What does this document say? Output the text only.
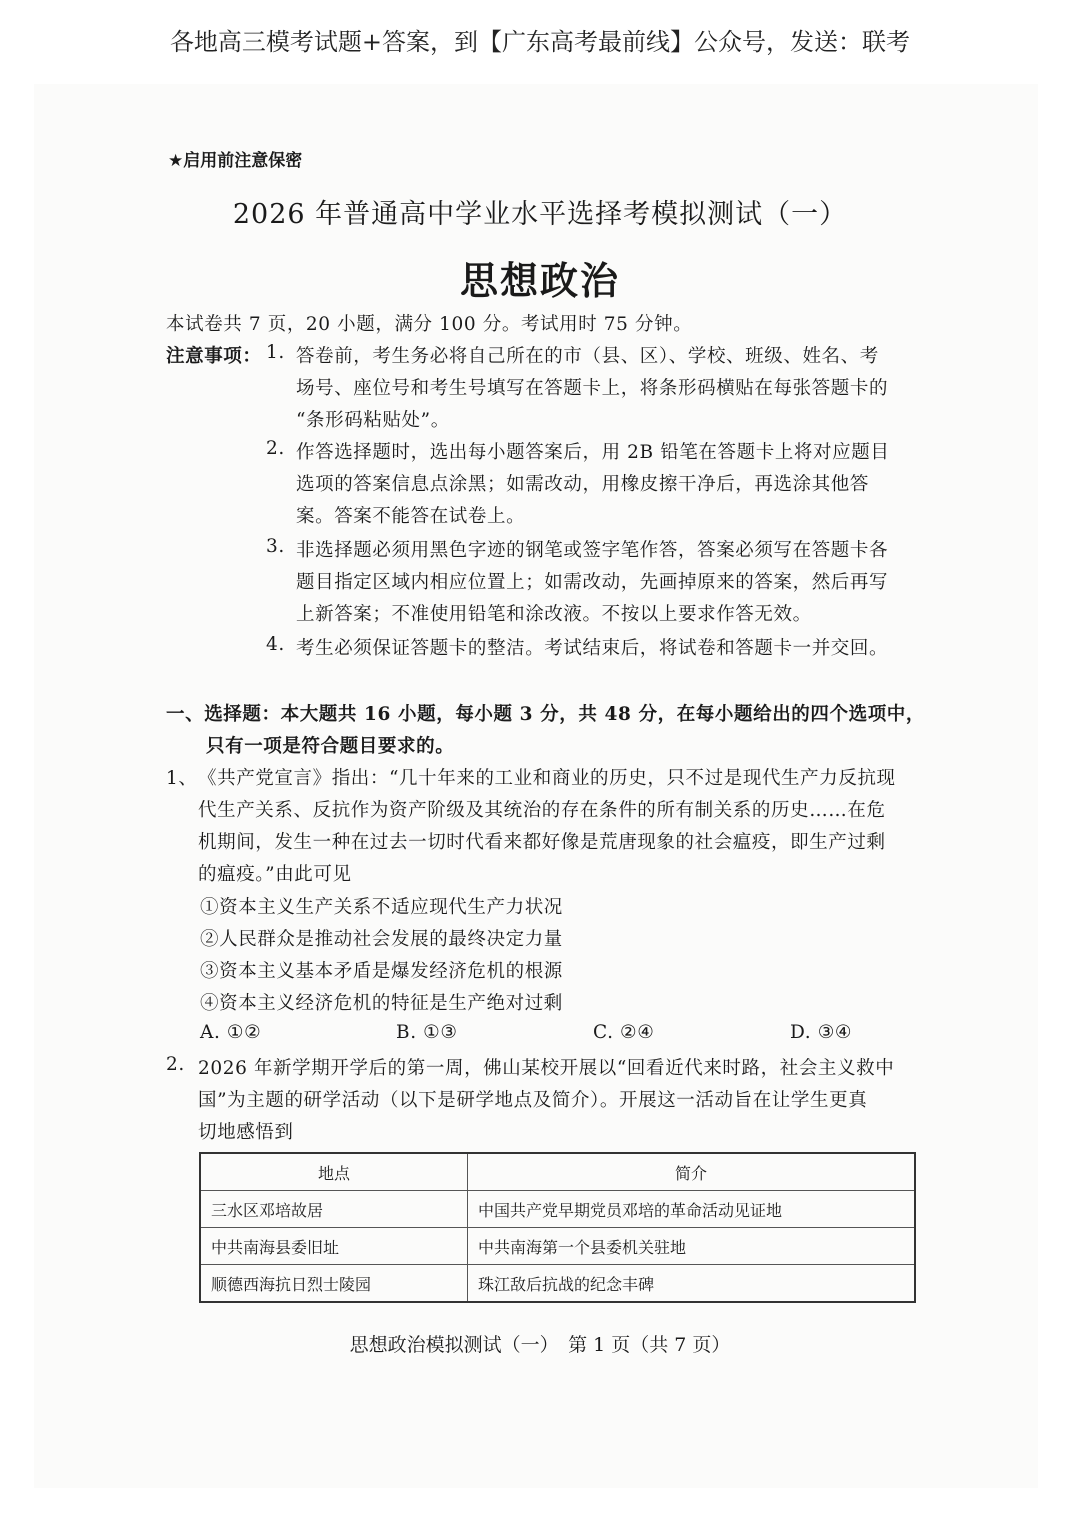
各地高三模考试题+答案，到【广东高考最前线】公众号，发送：联考
★启用前注意保密
2026 年普通高中学业水平选择考模拟测试（一）
思想政治
本试卷共 7 页，20 小题，满分 100 分。考试用时 75 分钟。
注意事项： 1. 答卷前，考生务必将自己所在的市（县、区）、学校、班级、姓名、考
场号、座位号和考生号填写在答题卡上，将条形码横贴在每张答题卡的
“条形码粘贴处”。
2. 作答选择题时，选出每小题答案后，用 2B 铅笔在答题卡上将对应题目
选项的答案信息点涂黑；如需改动，用橡皮擦干净后，再选涂其他答
案。答案不能答在试卷上。
3. 非选择题必须用黑色字迹的钢笔或签字笔作答，答案必须写在答题卡各
题目指定区域内相应位置上；如需改动，先画掉原来的答案，然后再写
上新答案；不准使用铅笔和涂改液。不按以上要求作答无效。
4. 考生必须保证答题卡的整洁。考试结束后，将试卷和答题卡一并交回。
一、选择题：本大题共 16 小题，每小题 3 分，共 48 分，在每小题给出的四个选项中，
只有一项是符合题目要求的。
1、 《共产党宣言》指出：“几十年来的工业和商业的历史，只不过是现代生产力反抗现
代生产关系、反抗作为资产阶级及其统治的存在条件的所有制关系的历史……在危
机期间，发生一种在过去一切时代看来都好像是荒唐现象的社会瘟疫，即生产过剩
的瘟疫。”由此可见
①资本主义生产关系不适应现代生产力状况
②人民群众是推动社会发展的最终决定力量
③资本主义基本矛盾是爆发经济危机的根源
④资本主义经济危机的特征是生产绝对过剩
A. ①②	B. ①③	C. ②④	D. ③④
2. 2026 年新学期开学后的第一周，佛山某校开展以“回看近代来时路，社会主义救中
国”为主题的研学活动（以下是研学地点及简介）。开展这一活动旨在让学生更真
切地感悟到
地点	简介
三水区邓培故居	中国共产党早期党员邓培的革命活动见证地
中共南海县委旧址	中共南海第一个县委机关驻地
顺德西海抗日烈士陵园	珠江敌后抗战的纪念丰碑
思想政治模拟测试（一）　第 1 页（共 7 页）
